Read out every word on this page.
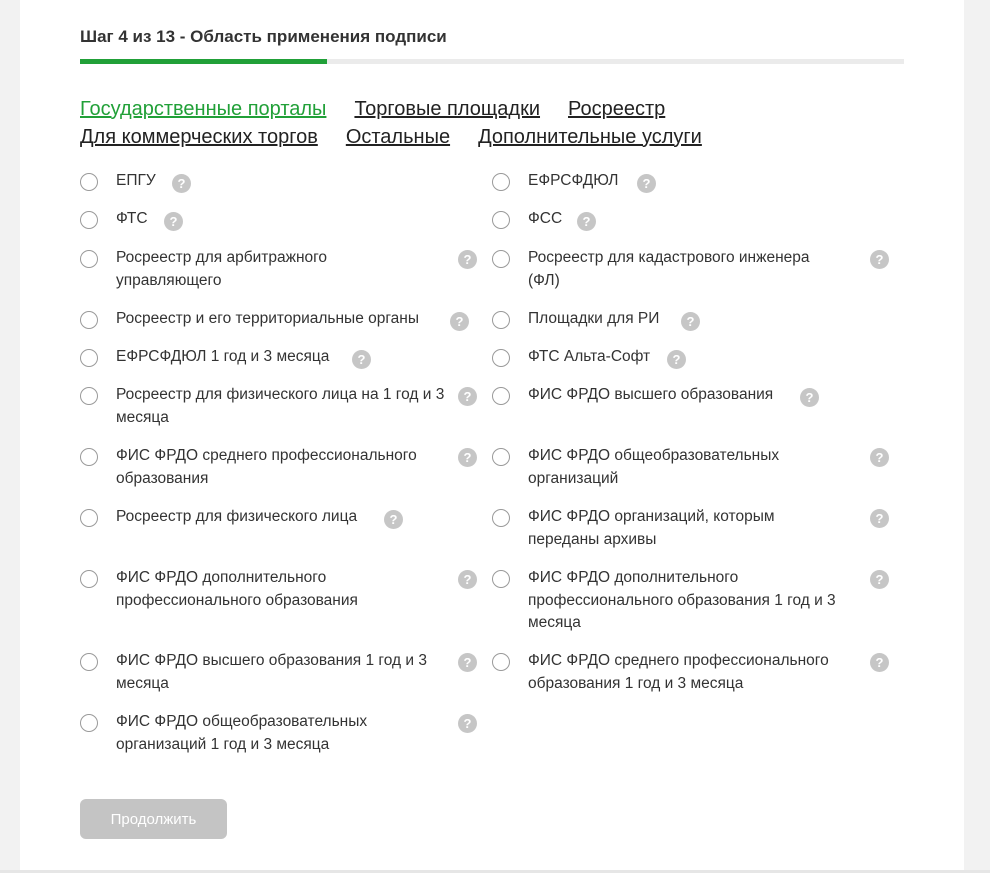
Шаг 4 из 13 - Область применения подписи
Государственные порталы Торговые площадки Росреестр
Для коммерческих торгов Остальные Дополнительные услуги
ЕПГУ	?
ФТС	?
Росреестр для арбитражного управляющего
?
Росреестр и его территориальные органы	?
ЕФРСФДЮЛ 1 год и 3 месяца	?
Росреестр для физического лица на 1 год и 3 месяца
?
ФИС ФРДО среднего профессионального образования
?
Росреестр для физического лица	?
ФИС ФРДО дополнительного профессионального образования
?
ФИС ФРДО высшего образования 1 год и 3 месяца
?
ФИС ФРДО общеобразовательных организаций 1 год и 3 месяца
?
ЕФРСФДЮЛ	?
ФСС	?
Росреестр для кадастрового инженера (ФЛ)
?
Площадки для РИ	?
ФТС Альта-Софт	?
ФИС ФРДО высшего образования	?
ФИС ФРДО общеобразовательных организаций
?
ФИС ФРДО организаций, которым переданы архивы
?
ФИС ФРДО дополнительного профессионального образования 1 год и 3 месяца
?
ФИС ФРДО среднего профессионального образования 1 год и 3 месяца
?
Продолжить
